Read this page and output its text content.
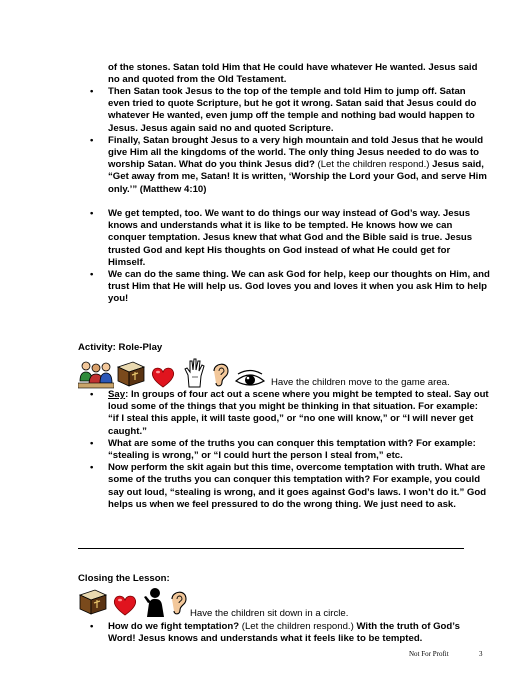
of the stones. Satan told Him that He could have whatever He wanted. Jesus said no and quoted from the Old Testament.
• Then Satan took Jesus to the top of the temple and told Him to jump off. Satan even tried to quote Scripture, but he got it wrong. Satan said that Jesus could do whatever He wanted, even jump off the temple and nothing bad would happen to Jesus. Jesus again said no and quoted Scripture.
• Finally, Satan brought Jesus to a very high mountain and told Jesus that he would give Him all the kingdoms of the world. The only thing Jesus needed to do was to worship Satan. What do you think Jesus did? (Let the children respond.) Jesus said, “Get away from me, Satan! It is written, ‘Worship the Lord your God, and serve Him only.’” (Matthew 4:10)
• We get tempted, too. We want to do things our way instead of God’s way. Jesus knows and understands what it is like to be tempted. He knows how we can conquer temptation. Jesus knew that what God and the Bible said is true. Jesus trusted God and kept His thoughts on God instead of what He could get for Himself.
• We can do the same thing. We can ask God for help, keep our thoughts on Him, and trust Him that He will help us. God loves you and loves it when you ask Him to help you!
Activity: Role-Play
Have the children move to the game area.
• Say: In groups of four act out a scene where you might be tempted to steal. Say out loud some of the things that you might be thinking in that situation. For example: “if I steal this apple, it will taste good,” or “no one will know,” or “I will never get caught.”
• What are some of the truths you can conquer this temptation with? For example: “stealing is wrong,” or “I could hurt the person I steal from,” etc.
• Now perform the skit again but this time, overcome temptation with truth. What are some of the truths you can conquer this temptation with? For example, you could say out loud, “stealing is wrong, and it goes against God’s laws. I won’t do it.” God helps us when we feel pressured to do the wrong thing. We just need to ask.
Closing the Lesson:
Have the children sit down in a circle.
• How do we fight temptation? (Let the children respond.) With the truth of God’s Word! Jesus knows and understands what it feels like to be tempted.
Not For Profit	3
